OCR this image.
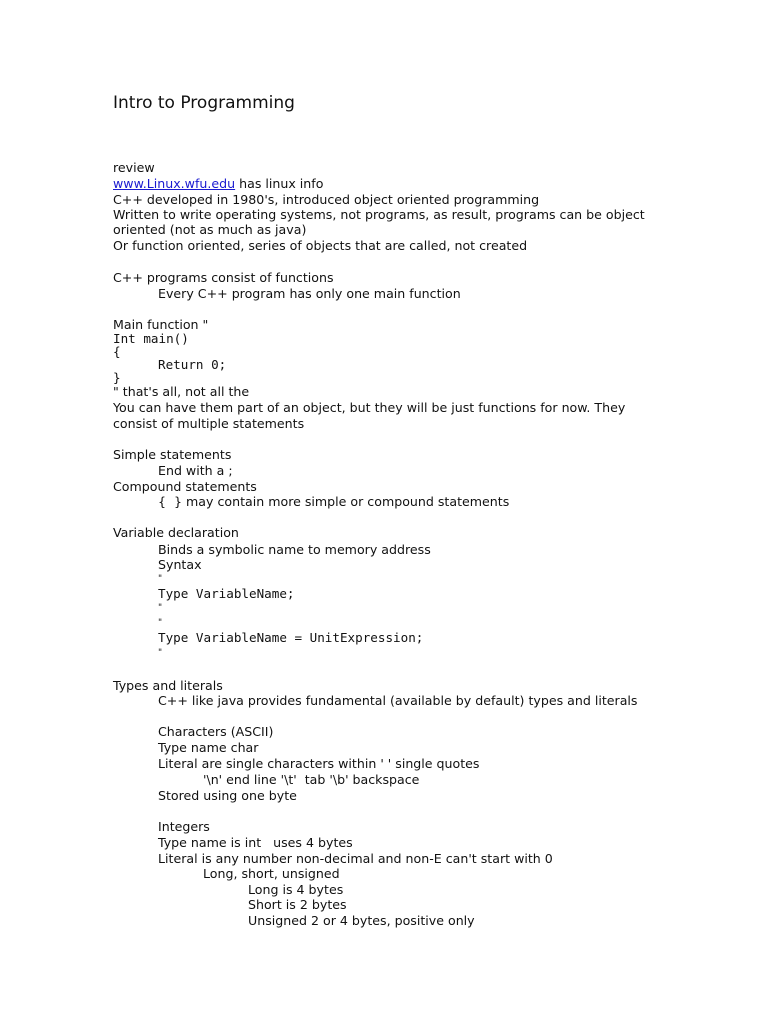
Intro to Programming
review
www.Linux.wfu.edu has linux info
C++ developed in 1980's, introduced object oriented programming
Written to write operating systems, not programs, as result, programs can be object
oriented (not as much as java)
Or function oriented, series of objects that are called, not created
C++ programs consist of functions
Every C++ program has only one main function
Main function "
Int main()
{
Return 0;
}
" that's all, not all the
You can have them part of an object, but they will be just functions for now. They
consist of multiple statements
Simple statements
End with a ;
Compound statements
{  } may contain more simple or compound statements
Variable declaration
Binds a symbolic name to memory address
Syntax
"
Type VariableName;
"
"
Type VariableName = UnitExpression;
"
Types and literals
C++ like java provides fundamental (available by default) types and literals
Characters (ASCII)
Type name char
Literal are single characters within ' ' single quotes
'\n' end line '\t'  tab '\b' backspace
Stored using one byte
Integers
Type name is int   uses 4 bytes
Literal is any number non-decimal and non-E can't start with 0
Long, short, unsigned
Long is 4 bytes
Short is 2 bytes
Unsigned 2 or 4 bytes, positive only
